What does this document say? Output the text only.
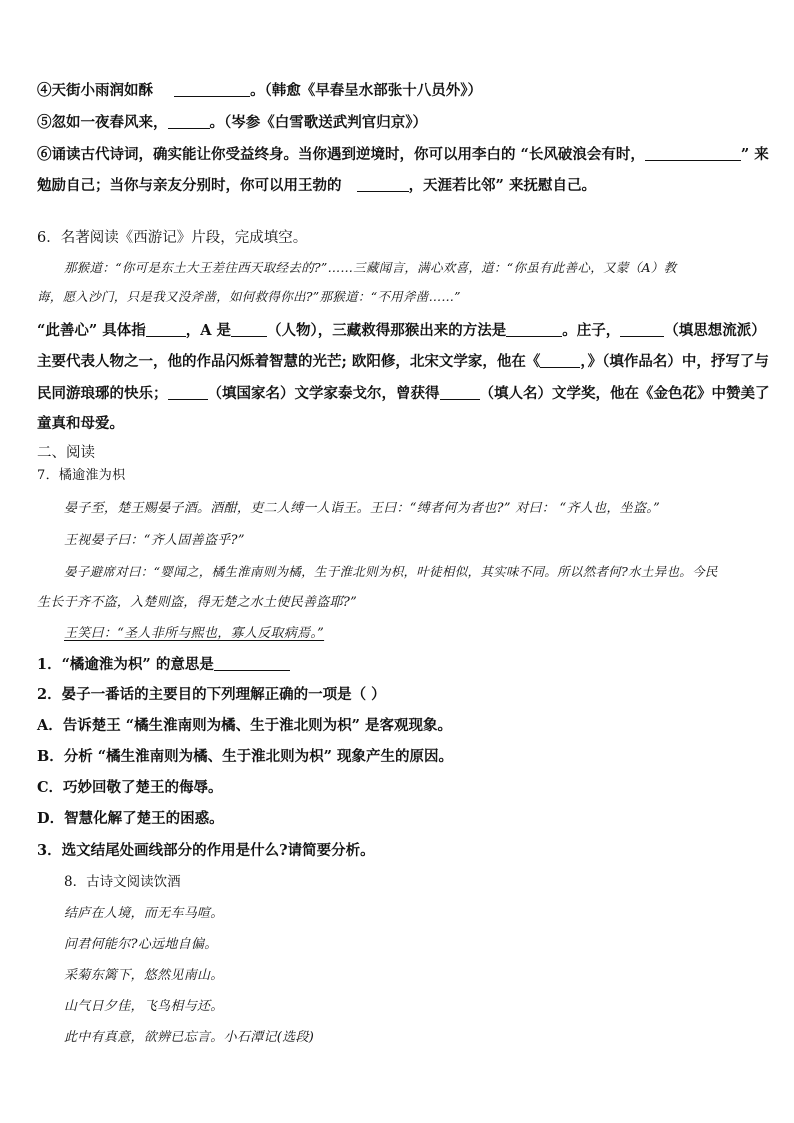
④天街小雨润如酥	。（韩愈《早春呈水部张十八员外》）
⑤忽如一夜春风来，	。（岑参《白雪歌送武判官归京》）
⑥诵读古代诗词，确实能让你受益终身。当你遇到逆境时，你可以用李白的 “长风破浪会有时，	” 来
勉励自己；当你与亲友分别时，你可以用王勃的	，天涯若比邻” 来抚慰自己。
6．名著阅读《西游记》片段，完成填空。
那猴道：“你可是东土大王差往西天取经去的?”……三藏闻言，满心欢喜，道：“你虽有此善心，又蒙（A）教
诲，愿入沙门，只是我又没斧凿，如何救得你出?”那猴道：“不用斧凿……”
“此善心” 具体指	，A 是 （人物），三藏救得那猴出来的方法是	。庄子，	（填思想流派）
主要代表人物之一，他的作品闪烁着智慧的光芒; 欧阳修，北宋文学家，他在《	，》（填作品名）中，抒写了与
民同游琅琊的快乐；	（填国家名）文学家泰戈尔，曾获得	（填人名）文学奖，他在《金色花》中赞美了
童真和母爱。
二、阅读
7．橘逾淮为枳
晏子至，楚王赐晏子酒。酒酣，吏二人缚一人诣王。王曰：“缚者何为者也?” 对曰： “齐人也，坐盗。”
王视晏子曰：“齐人固善盗乎?”
晏子避席对曰：“婴闻之，橘生淮南则为橘，生于淮北则为枳，叶徒相似，其实味不同。所以然者何?水土异也。今民
生长于齐不盗，入楚则盗，得无楚之水土使民善盗耶?”
王笑曰：“圣人非所与熙也，寡人反取病焉。”
1．“橘逾淮为枳” 的意思是
2．晏子一番话的主要目的下列理解正确的一项是（ ）
A．告诉楚王 “橘生淮南则为橘、生于淮北则为枳” 是客观现象。
B．分析 “橘生淮南则为橘、生于淮北则为枳” 现象产生的原因。
C．巧妙回敬了楚王的侮辱。
D．智慧化解了楚王的困惑。
3．选文结尾处画线部分的作用是什么?请简要分析。
8．古诗文阅读饮酒
结庐在人境，而无车马喧。
问君何能尔?心远地自偏。
采菊东篱下，悠然见南山。
山气日夕佳，飞鸟相与还。
此中有真意，欲辨已忘言。小石潭记(选段)
